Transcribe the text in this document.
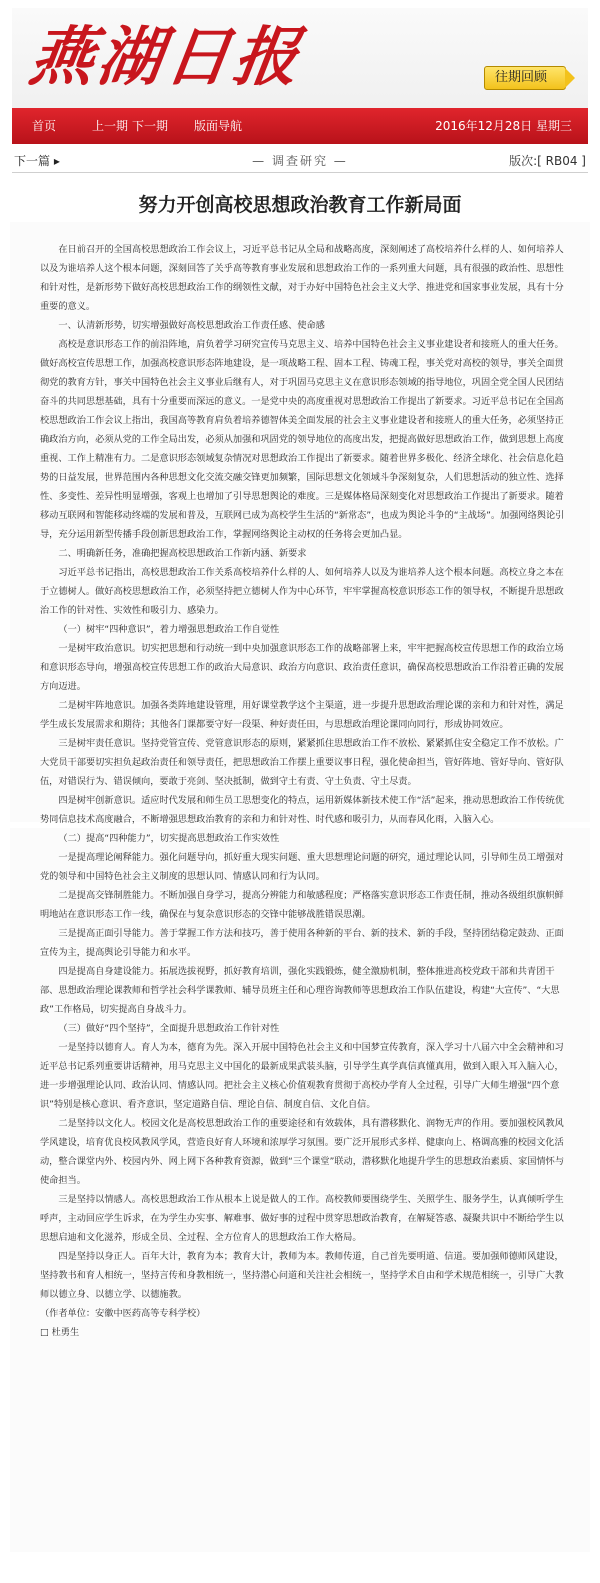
燕湖日报	往期回顾
首页	上一期 下一期 版面导航	2016年12月28日 星期三
— 调查研究 —
下一篇 ▸	版次:[ RB04 ]
努力开创高校思想政治教育工作新局面

在日前召开的全国高校思想政治工作会议上，习近平总书记从全局和战略高度，深刻阐述了高校培养什么样的人、如何培养人以及为谁培养人这个根本问题，深刻回答了关乎高等教育事业发展和思想政治工作的一系列重大问题，具有很强的政治性、思想性和针对性，是新形势下做好高校思想政治工作的纲领性文献，对于办好中国特色社会主义大学、推进党和国家事业发展，具有十分重要的意义。

一、认清新形势，切实增强做好高校思想政治工作责任感、使命感

高校是意识形态工作的前沿阵地，肩负着学习研究宣传马克思主义、培养中国特色社会主义事业建设者和接班人的重大任务。做好高校宣传思想工作，加强高校意识形态阵地建设，是一项战略工程、固本工程、铸魂工程，事关党对高校的领导，事关全面贯彻党的教育方针，事关中国特色社会主义事业后继有人，对于巩固马克思主义在意识形态领域的指导地位，巩固全党全国人民团结奋斗的共同思想基础，具有十分重要而深远的意义。一是党中央的高度重视对思想政治工作提出了新要求。习近平总书记在全国高校思想政治工作会议上指出，我国高等教育肩负着培养德智体美全面发展的社会主义事业建设者和接班人的重大任务，必须坚持正确政治方向，必须从党的工作全局出发，必须从加强和巩固党的领导地位的高度出发，把提高做好思想政治工作，做到思想上高度重视、工作上精准有力。二是意识形态领域复杂情况对思想政治工作提出了新要求。随着世界多极化、经济全球化、社会信息化趋势的日益发展，世界范围内各种思想文化交流交融交锋更加频繁，国际思想文化领域斗争深刻复杂，人们思想活动的独立性、选择性、多变性、差异性明显增强，客观上也增加了引导思想舆论的难度。三是媒体格局深刻变化对思想政治工作提出了新要求。随着移动互联网和智能移动终端的发展和普及，互联网已成为高校学生生活的“新常态”，也成为舆论斗争的“主战场”。加强网络舆论引导，充分运用新型传播手段创新思想政治工作，掌握网络舆论主动权的任务将会更加凸显。

二、明确新任务，准确把握高校思想政治工作新内涵、新要求

习近平总书记指出，高校思想政治工作关系高校培养什么样的人、如何培养人以及为谁培养人这个根本问题。高校立身之本在于立德树人。做好高校思想政治工作，必须坚持把立德树人作为中心环节，牢牢掌握高校意识形态工作的领导权，不断提升思想政治工作的针对性、实效性和吸引力、感染力。

（一）树牢“四种意识”，着力增强思想政治工作自觉性

一是树牢政治意识。切实把思想和行动统一到中央加强意识形态工作的战略部署上来，牢牢把握高校宣传思想工作的政治立场和意识形态导向，增强高校宣传思想工作的政治大局意识、政治方向意识、政治责任意识，确保高校思想政治工作沿着正确的发展方向迈进。

二是树牢阵地意识。加强各类阵地建设管理，用好课堂教学这个主渠道，进一步提升思想政治理论课的亲和力和针对性，满足学生成长发展需求和期待；其他各门课都要守好一段渠、种好责任田，与思想政治理论课同向同行，形成协同效应。

三是树牢责任意识。坚持党管宣传、党管意识形态的原则，紧紧抓住思想政治工作不放松、紧紧抓住安全稳定工作不放松。广大党员干部要切实担负起政治责任和领导责任，把思想政治工作摆上重要议事日程，强化使命担当，管好阵地、管好导向、管好队伍，对错误行为、错误倾向，要敢于亮剑、坚决抵制，做到守土有责、守土负责、守土尽责。

四是树牢创新意识。适应时代发展和师生员工思想变化的特点，运用新媒体新技术使工作“活”起来，推动思想政治工作传统优势同信息技术高度融合，不断增强思想政治教育的亲和力和针对性、时代感和吸引力，从而春风化雨，入脑入心。

（二）提高“四种能力”，切实提高思想政治工作实效性

一是提高理论阐释能力。强化问题导向，抓好重大现实问题、重大思想理论问题的研究，通过理论认同，引导师生员工增强对党的领导和中国特色社会主义制度的思想认同、情感认同和行为认同。

二是提高交锋制胜能力。不断加强自身学习，提高分辨能力和敏感程度；严格落实意识形态工作责任制，推动各级组织旗帜鲜明地站在意识形态工作一线，确保在与复杂意识形态的交锋中能够战胜错误思潮。

三是提高正面引导能力。善于掌握工作方法和技巧，善于使用各种新的平台、新的技术、新的手段，坚持团结稳定鼓劲、正面宣传为主，提高舆论引导能力和水平。

四是提高自身建设能力。拓展选拔视野，抓好教育培训，强化实践锻炼，健全激励机制，整体推进高校党政干部和共青团干部、思想政治理论课教师和哲学社会科学课教师、辅导员班主任和心理咨询教师等思想政治工作队伍建设，构建“大宣传”、“大思政”工作格局，切实提高自身战斗力。

（三）做好“四个坚持”，全面提升思想政治工作针对性

一是坚持以德育人。育人为本，德育为先。深入开展中国特色社会主义和中国梦宣传教育，深入学习十八届六中全会精神和习近平总书记系列重要讲话精神，用马克思主义中国化的最新成果武装头脑，引导学生真学真信真懂真用，做到入眼入耳入脑入心，进一步增强理论认同、政治认同、情感认同。把社会主义核心价值观教育贯彻于高校办学育人全过程，引导广大师生增强“四个意识”特别是核心意识、看齐意识，坚定道路自信、理论自信、制度自信、文化自信。

二是坚持以文化人。校园文化是高校思想政治工作的重要途径和有效载体，具有潜移默化、润物无声的作用。要加强校风教风学风建设，培育优良校风教风学风，营造良好育人环境和浓厚学习氛围。要广泛开展形式多样、健康向上、格调高雅的校园文化活动，整合课堂内外、校园内外、网上网下各种教育资源，做到“三个课堂”联动，潜移默化地提升学生的思想政治素质、家国情怀与使命担当。

三是坚持以情感人。高校思想政治工作从根本上说是做人的工作。高校教师要围绕学生、关照学生、服务学生，认真倾听学生呼声，主动回应学生诉求，在为学生办实事、解难事、做好事的过程中贯穿思想政治教育，在解疑答惑、凝聚共识中不断给学生以思想启迪和文化滋养，形成全员、全过程、全方位育人的思想政治工作大格局。

四是坚持以身正人。百年大计，教育为本；教育大计，教师为本。教师传道，自己首先要明道、信道。要加强师德师风建设，坚持教书和育人相统一，坚持言传和身教相统一，坚持潜心问道和关注社会相统一，坚持学术自由和学术规范相统一，引导广大教师以德立身、以德立学、以德施教。

（作者单位：安徽中医药高等专科学校）

□ 杜勇生
